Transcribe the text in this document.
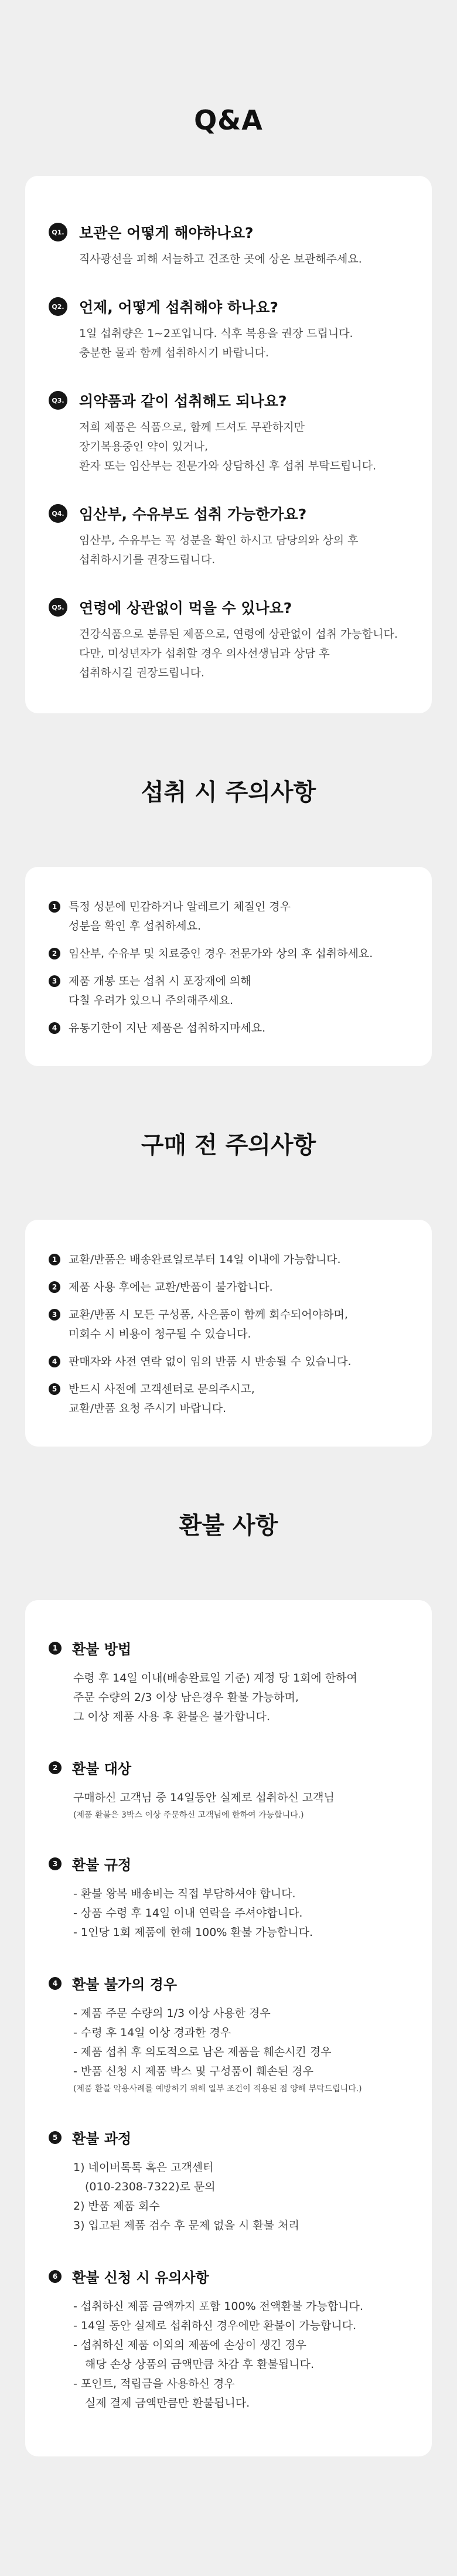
Q&A
Q1. 보관은 어떻게 해야하나요?

직사광선을 피해 서늘하고 건조한 곳에 상온 보관해주세요.

Q2. 언제, 어떻게 섭취해야 하나요?

1일 섭취량은 1~2포입니다. 식후 복용을 권장 드립니다.

충분한 물과 함께 섭취하시기 바랍니다.

Q3. 의약품과 같이 섭취해도 되나요?

저희 제품은 식품으로, 함께 드셔도 무관하지만

장기복용중인 약이 있거나,

환자 또는 임산부는 전문가와 상담하신 후 섭취 부탁드립니다.

Q4. 임산부, 수유부도 섭취 가능한가요?

임산부, 수유부는 꼭 성분을 확인 하시고 담당의와 상의 후

섭취하시기를 권장드립니다.

Q5. 연령에 상관없이 먹을 수 있나요?

건강식품으로 분류된 제품으로, 연령에 상관없이 섭취 가능합니다.

다만, 미성년자가 섭취할 경우 의사선생님과 상담 후

섭취하시길 권장드립니다.

섭취 시 주의사항
1	특정 성분에 민감하거나 알레르기 체질인 경우

성분을 확인 후 섭취하세요.

2	임산부, 수유부 및 치료중인 경우 전문가와 상의 후 섭취하세요.

3	제품 개봉 또는 섭취 시 포장재에 의해

다칠 우려가 있으니 주의해주세요.

4	유통기한이 지난 제품은 섭취하지마세요.

구매 전 주의사항
1	교환/반품은 배송완료일로부터 14일 이내에 가능합니다.

2	제품 사용 후에는 교환/반품이 불가합니다.

3	교환/반품 시 모든 구성품, 사은품이 함께 회수되어야하며,

미회수 시 비용이 청구될 수 있습니다.

4	판매자와 사전 연락 없이 임의 반품 시 반송될 수 있습니다.

5	반드시 사전에 고객센터로 문의주시고,

교환/반품 요청 주시기 바랍니다.

환불 사항
1 환불 방법

수령 후 14일 이내(배송완료일 기준) 계정 당 1회에 한하여

주문 수량의 2/3 이상 남은경우 환불 가능하며,

그 이상 제품 사용 후 환불은 불가합니다.

2 환불 대상

구매하신 고객님 중 14일동안 실제로 섭취하신 고객님

(제품 환불은 3박스 이상 주문하신 고객님에 한하여 가능합니다.)

3 환불 규정

- 환불 왕복 배송비는 직접 부담하셔야 합니다.

- 상품 수령 후 14일 이내 연락을 주셔야합니다.

- 1인당 1회 제품에 한해 100% 환불 가능합니다.

4 환불 불가의 경우

- 제품 주문 수량의 1/3 이상 사용한 경우

- 수령 후 14일 이상 경과한 경우

- 제품 섭취 후 의도적으로 남은 제품을 훼손시킨 경우

- 반품 신청 시 제품 박스 및 구성품이 훼손된 경우

(제품 환불 악용사례를 예방하기 위해 일부 조건이 적용된 점 양해 부탁드립니다.)

5 환불 과정

1) 네이버톡톡 혹은 고객센터

(010-2308-7322)로 문의

2) 반품 제품 회수

3) 입고된 제품 검수 후 문제 없을 시 환불 처리

6 환불 신청 시 유의사항

- 섭취하신 제품 금액까지 포함 100% 전액환불 가능합니다.

- 14일 동안 실제로 섭취하신 경우에만 환불이 가능합니다.

- 섭취하신 제품 이외의 제품에 손상이 생긴 경우

해당 손상 상품의 금액만큼 차감 후 환불됩니다.

- 포인트, 적립금을 사용하신 경우

실제 결제 금액만큼만 환불됩니다.
